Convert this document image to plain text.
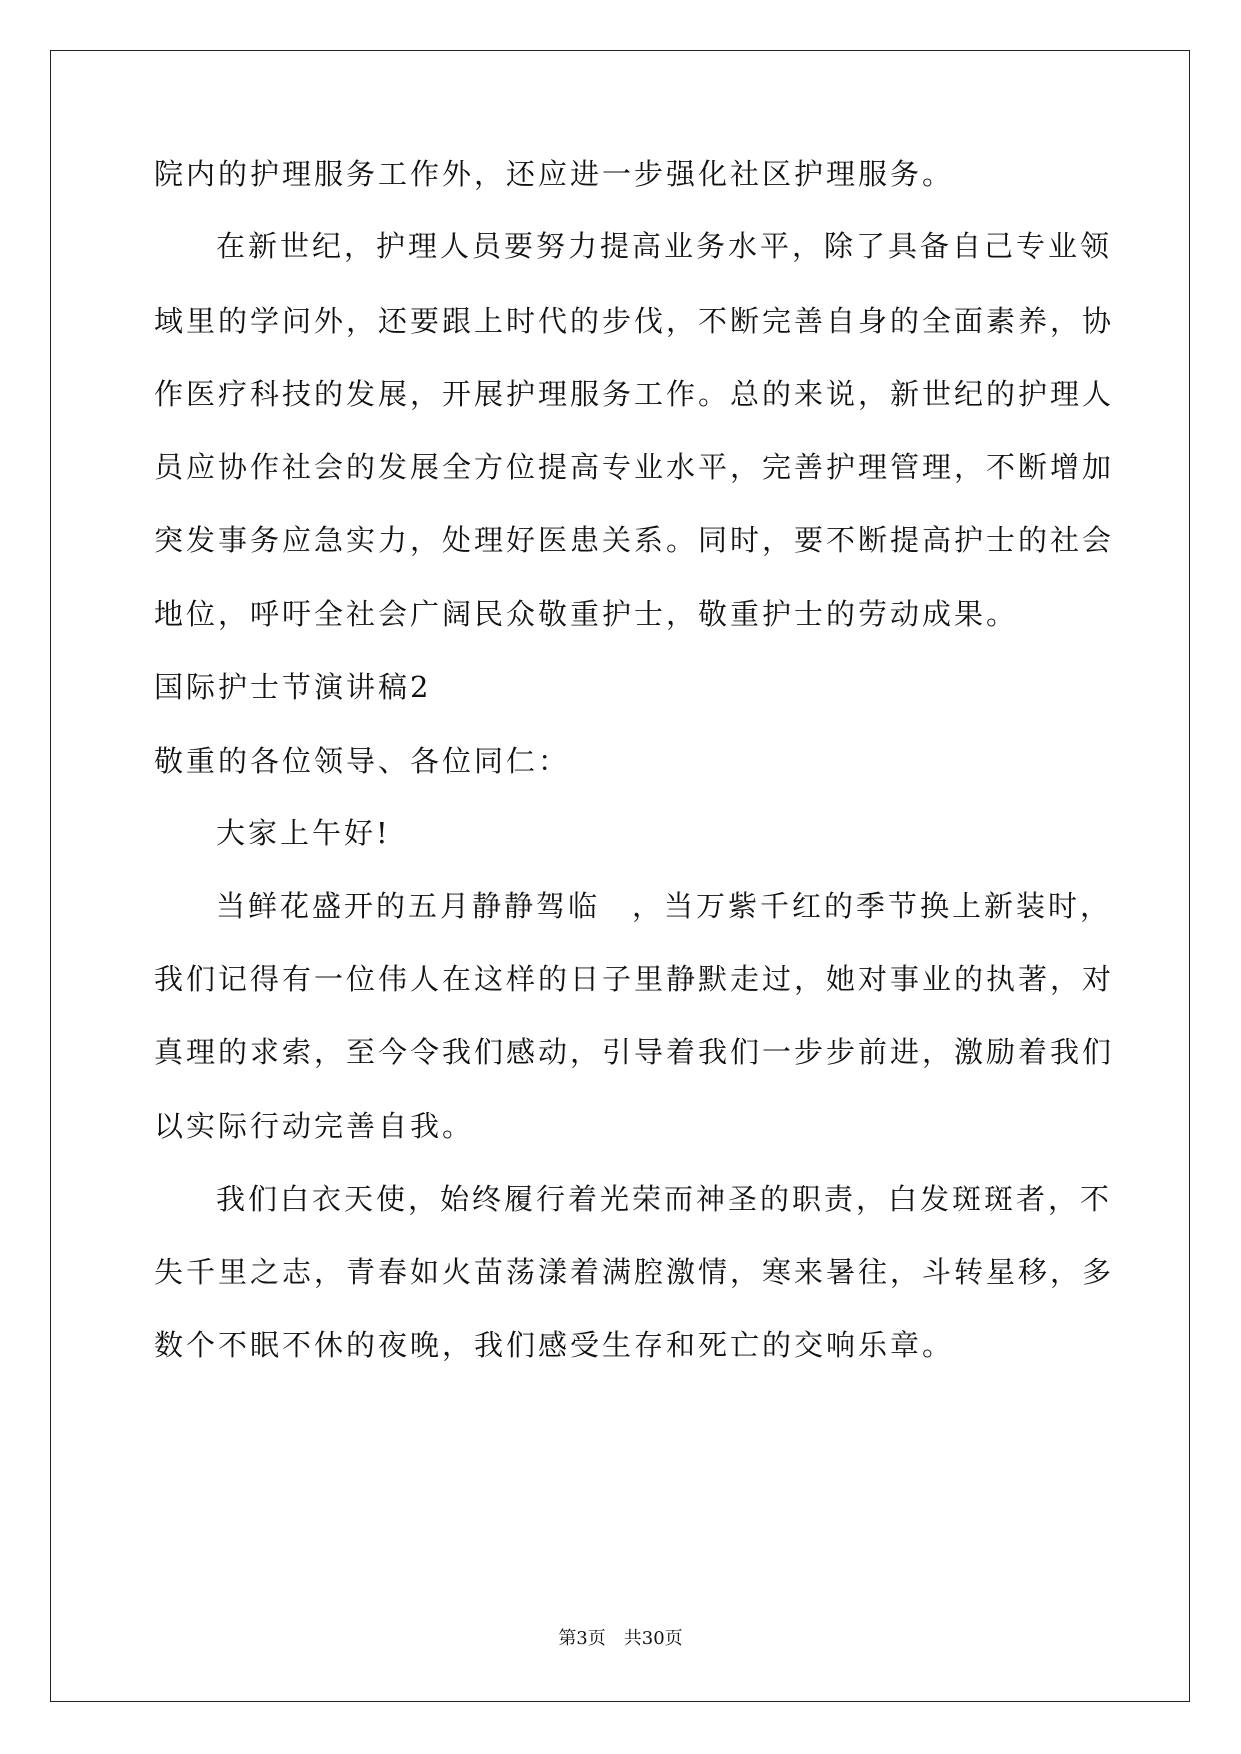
院内的护理服务工作外，还应进一步强化社区护理服务。
在新世纪，护理人员要努力提高业务水平，除了具备自己专业领
域里的学问外，还要跟上时代的步伐，不断完善自身的全面素养，协
作医疗科技的发展，开展护理服务工作。总的来说，新世纪的护理人
员应协作社会的发展全方位提高专业水平，完善护理管理，不断增加
突发事务应急实力，处理好医患关系。同时，要不断提高护士的社会
地位，呼吁全社会广阔民众敬重护士，敬重护士的劳动成果。
国际护士节演讲稿2
敬重的各位领导、各位同仁：
大家上午好!
当鲜花盛开的五月静静驾临　，当万紫千红的季节换上新装时，
我们记得有一位伟人在这样的日子里静默走过，她对事业的执著，对
真理的求索，至今令我们感动，引导着我们一步步前进，激励着我们
以实际行动完善自我。
我们白衣天使，始终履行着光荣而神圣的职责，白发斑斑者，不
失千里之志，青春如火苗荡漾着满腔激情，寒来暑往，斗转星移，多
数个不眠不休的夜晚，我们感受生存和死亡的交响乐章。
第3页　共30页
